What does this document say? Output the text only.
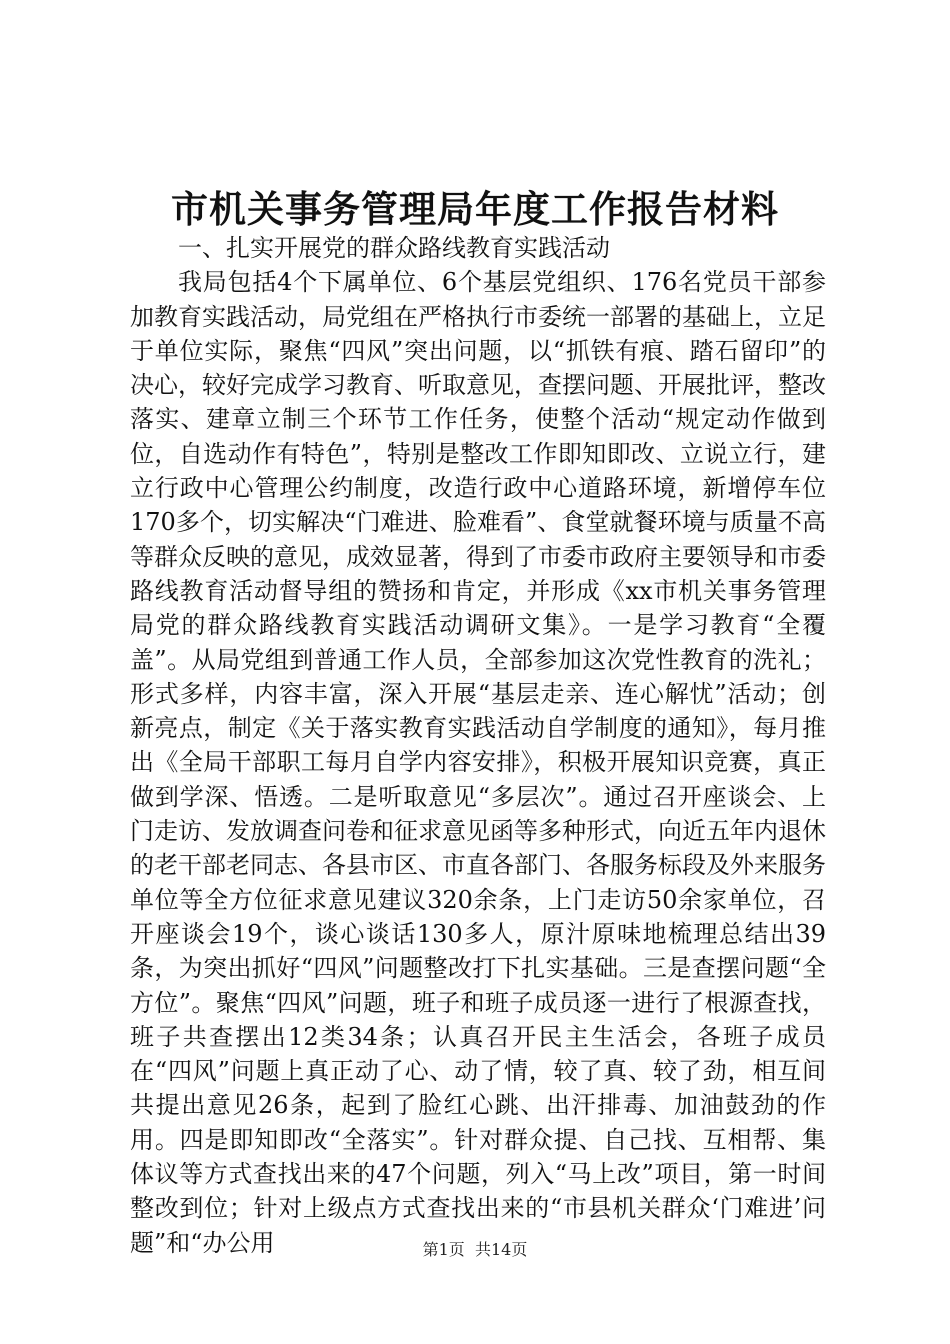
市机关事务管理局年度工作报告材料

一、扎实开展党的群众路线教育实践活动

我局包括4个下属单位、6个基层党组织、176名党员干部参加教育实践活动，局党组在严格执行市委统一部署的基础上，立足于单位实际，聚焦“四风”突出问题，以“抓铁有痕、踏石留印”的决心，较好完成学习教育、听取意见，查摆问题、开展批评，整改落实、建章立制三个环节工作任务，使整个活动“规定动作做到位，自选动作有特色”，特别是整改工作即知即改、立说立行，建立行政中心管理公约制度，改造行政中心道路环境，新增停车位170多个，切实解决“门难进、脸难看”、食堂就餐环境与质量不高等群众反映的意见，成效显著，得到了市委市政府主要领导和市委路线教育活动督导组的赞扬和肯定，并形成《xx市机关事务管理局党的群众路线教育实践活动调研文集》。一是学习教育“全覆盖”。从局党组到普通工作人员，全部参加这次党性教育的洗礼；形式多样，内容丰富，深入开展“基层走亲、连心解忧”活动；创新亮点，制定《关于落实教育实践活动自学制度的通知》，每月推出《全局干部职工每月自学内容安排》，积极开展知识竞赛，真正做到学深、悟透。二是听取意见“多层次”。通过召开座谈会、上门走访、发放调查问卷和征求意见函等多种形式，向近五年内退休的老干部老同志、各县市区、市直各部门、各服务标段及外来服务单位等全方位征求意见建议320余条，上门走访50余家单位，召开座谈会19个，谈心谈话130多人，原汁原味地梳理总结出39条，为突出抓好“四风”问题整改打下扎实基础。三是查摆问题“全方位”。聚焦“四风”问题，班子和班子成员逐一进行了根源查找，班子共查摆出12类34条；认真召开民主生活会，各班子成员在“四风”问题上真正动了心、动了情，较了真、较了劲，相互间共提出意见26条，起到了脸红心跳、出汗排毒、加油鼓劲的作用。四是即知即改“全落实”。针对群众提、自己找、互相帮、集体议等方式查找出来的47个问题，列入“马上改”项目，第一时间整改到位；针对上级点方式查找出来的“市县机关群众‘门难进’问题”和“办公用	第1页 共14页
